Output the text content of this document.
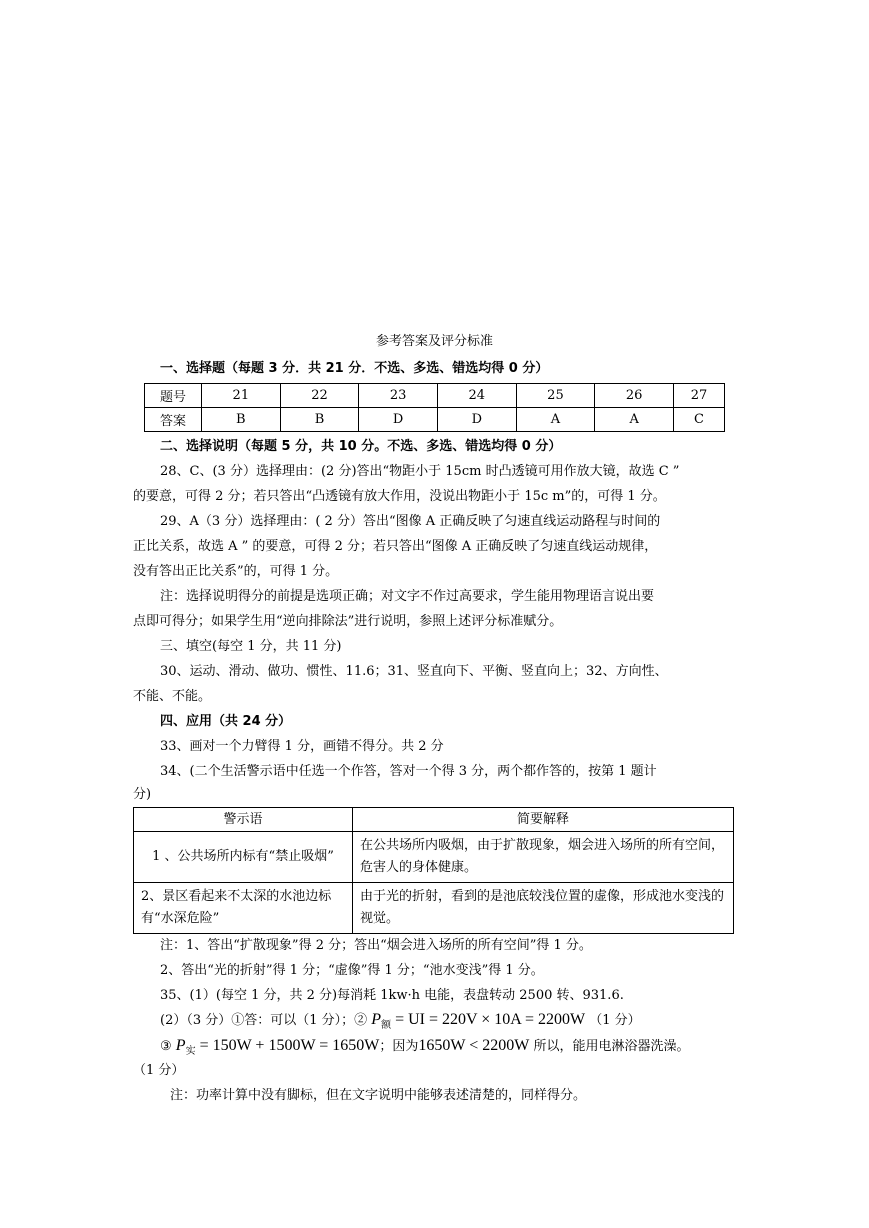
参考答案及评分标准
一、选择题（每题 3 分．共 21 分．不选、多选、错选均得 0 分）
题号	21	22	23	24	25	26	27
答案	B	B	D	D	A	A	C
二、选择说明（每题 5 分，共 10 分。不选、多选、错选均得 0 分）
28、C、(3 分）选择理由：(2 分)答出“物距小于 15cm 时凸透镜可用作放大镜，故选 C ”
的要意，可得 2 分；若只答出“凸透镜有放大作用，没说出物距小于 15c m”的，可得 1 分。
29、A（3 分）选择理由：( 2 分）答出“图像 A 正确反映了匀速直线运动路程与时间的
正比关系，故选 A ” 的要意，可得 2 分；若只答出“图像 A 正确反映了匀速直线运动规律，
没有答出正比关系”的，可得 1 分。
注：选择说明得分的前提是选项正确；对文字不作过高要求，学生能用物理语言说出要
点即可得分；如果学生用“逆向排除法”进行说明，参照上述评分标准赋分。
三、填空(每空 1 分，共 11 分)
30、运动、滑动、做功、惯性、11.6；31、竖直向下、平衡、竖直向上；32、方向性、
不能、不能。
四、应用（共 24 分）
33、画对一个力臂得 1 分，画错不得分。共 2 分
34、(二个生活警示语中任选一个作答，答对一个得 3 分，两个都作答的，按第 1 题计
分)
警示语	简要解释
1 、公共场所内标有“禁止吸烟”	在公共场所内吸烟，由于扩散现象，烟会进入场所的所有空间，危害人的身体健康。
2、景区看起来不太深的水池边标有“水深危险”	由于光的折射，看到的是池底较浅位置的虚像，形成池水变浅的视觉。
注：1、答出“扩散现象”得 2 分；答出“烟会进入场所的所有空间”得 1 分。
2、答出“光的折射”得 1 分；“虚像”得 1 分；“池水变浅”得 1 分。
35、(1）(每空 1 分，共 2 分)每消耗 1kw·h 电能，表盘转动 2500 转、931.6.
(2）（3 分）①答：可以（1 分）；② $P_额$ = UI = 220V × 10A = 2200W （1 分）
③ $P_实 = 150W + 1500W = 1650W$；因为1650W < 2200W 所以，能用电淋浴器洗澡。
（1 分）
注：功率计算中没有脚标，但在文字说明中能够表述清楚的，同样得分。
